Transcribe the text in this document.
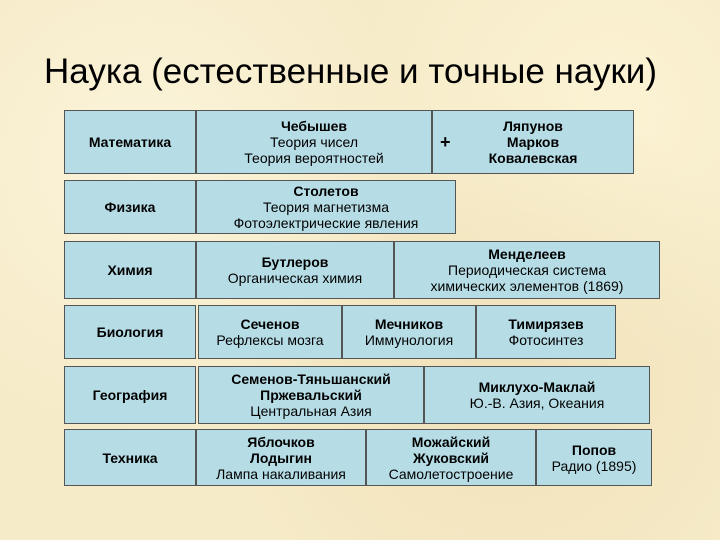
Наука (естественные и точные науки)
Математика
Чебышев
Теория чисел
Теория вероятностей
Ляпунов
Марков
Ковалевская
+
Физика
Столетов
Теория магнетизма
Фотоэлектрические явления
Химия	Бутлеров
Органическая химия
Менделеев
Периодическая система
химических элементов (1869)
Биология	Сеченов
Рефлексы мозга
Мечников
Иммунология
Тимирязев
Фотосинтез
География
Семенов-Тяньшанский
Пржевальский
Центральная Азия
Миклухо-Маклай
Ю.-В. Азия, Океания
Техника
Яблочков
Лодыгин
Лампа накаливания
Можайский
Жуковский
Самолетостроение
Попов
Радио (1895)
